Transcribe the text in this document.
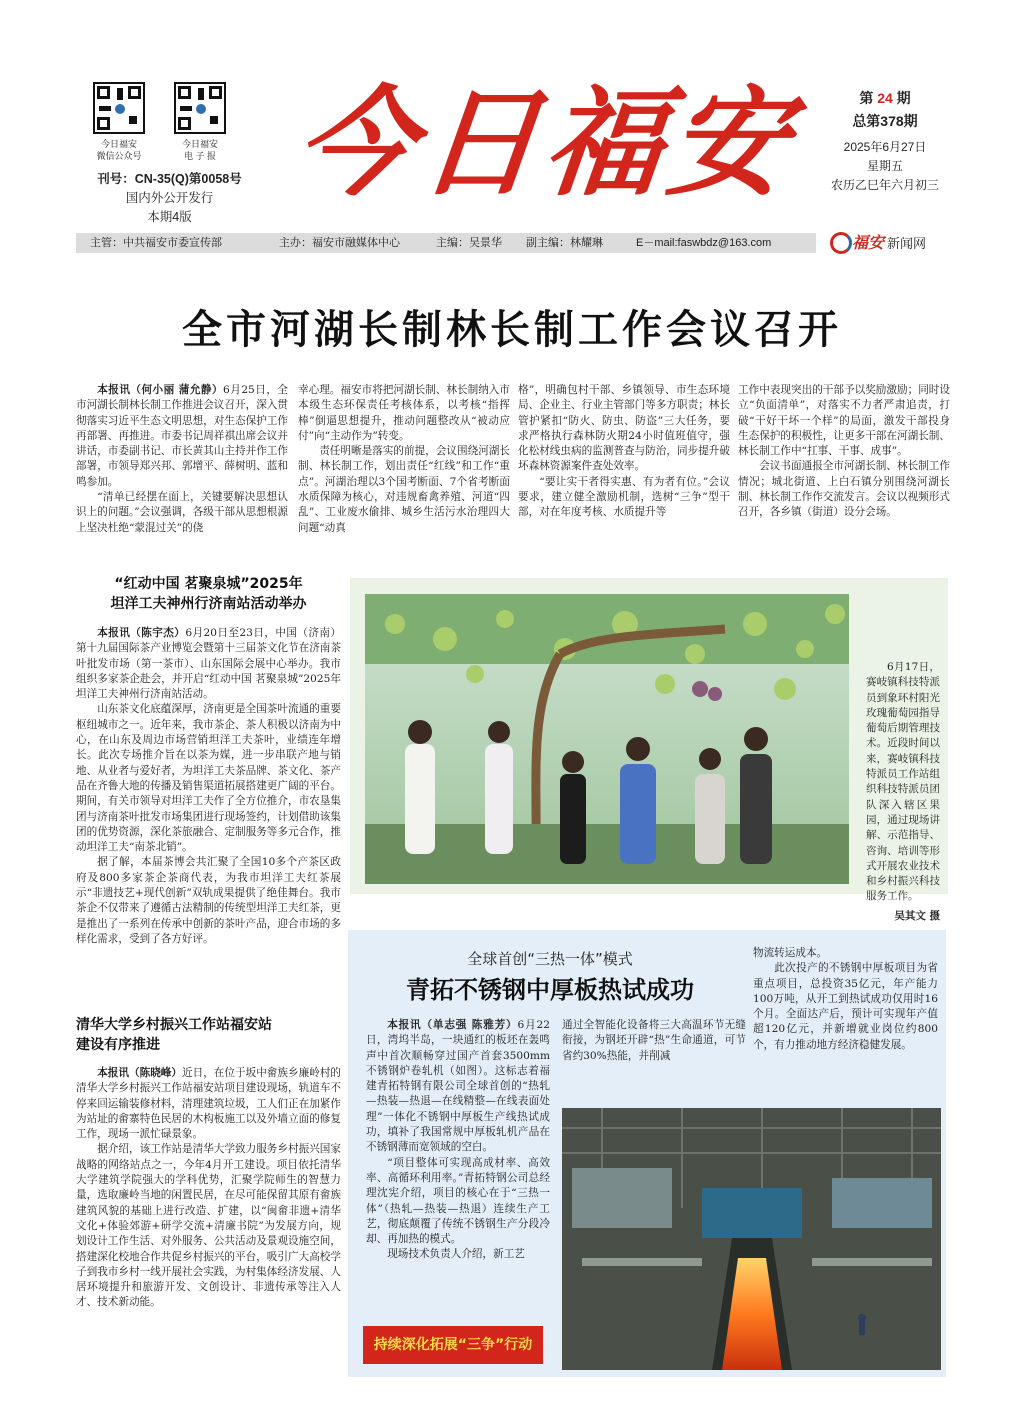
今日福安
微信公众号
今日福安
电 子 报
刊号：CN-35(Q)第0058号
国内外公开发行
本期4版
今日福安	第 24 期
总第378期
2025年6月27日
星期五
农历乙巳年六月初三
主管：中共福安市委宣传部	主办：福安市融媒体中心	主编：吴景华 副主编：林耀琳	E－mail:faswbdz@163.com	福安 新闻网
全市河湖长制林长制工作会议召开

本报讯（何小丽 蒲允静）6月25日，全市河湖长制林长制工作推进会议召开，深入贯彻落实习近平生态文明思想，对生态保护工作再部署、再推进。市委书记周祥祺出席会议并讲话，市委副书记、市长黄其山主持并作工作部署，市领导郑兴邦、郭增平、薛树明、蓝和鸣参加。

“清单已经摆在面上，关键要解决思想认识上的问题。”会议强调，各级干部从思想根源上坚决杜绝“蒙混过关”的侥

幸心理。福安市将把河湖长制、林长制纳入市本级生态环保责任考核体系，以考核“指挥棒”倒逼思想提升，推动问题整改从“被动应付”向“主动作为”转变。

责任明晰是落实的前提，会议围绕河湖长制、林长制工作，划出责任“红线”和工作“重点”。河湖治理以3个国考断面、7个省考断面水质保障为核心，对违规畜禽养殖、河道“四乱”、工业废水偷排、城乡生活污水治理四大问题“动真

格”，明确包村干部、乡镇领导、市生态环境局、企业主、行业主管部门等多方职责；林长管护紧扣“防火、防虫、防盗”三大任务，要求严格执行森林防火期24小时值班值守，强化松材线虫病的监测普查与防治，同步提升破坏森林资源案件查处效率。

“要让实干者得实惠、有为者有位。”会议要求，建立健全激励机制，选树“三争”型干部，对在年度考核、水质提升等

工作中表现突出的干部予以奖励激励；同时设立“负面清单”，对落实不力者严肃追责，打破“干好干坏一个样”的局面，激发干部投身生态保护的积极性，让更多干部在河湖长制、林长制工作中“扛事、干事、成事”。

会议书面通报全市河湖长制、林长制工作情况；城北街道、上白石镇分别围绕河湖长制、林长制工作作交流发言。会议以视频形式召开，各乡镇（街道）设分会场。

“红动中国 茗聚泉城”2025年
坦洋工夫神州行济南站活动举办

本报讯（陈宇杰）6月20日至23日，中国（济南）第十九届国际茶产业博览会暨第十三届茶文化节在济南茶叶批发市场（第一茶市）、山东国际会展中心举办。我市组织多家茶企赴会，并开启“红动中国 茗聚泉城”2025年坦洋工夫神州行济南站活动。

山东茶文化底蕴深厚，济南更是全国茶叶流通的重要枢纽城市之一。近年来，我市茶企、茶人积极以济南为中心，在山东及周边市场营销坦洋工夫茶叶，业绩连年增长。此次专场推介旨在以茶为媒，进一步串联产地与销地、从业者与爱好者，为坦洋工夫茶品牌、茶文化、茶产品在齐鲁大地的传播及销售渠道拓展搭建更广阔的平台。期间，有关市领导对坦洋工夫作了全方位推介，市农垦集团与济南茶叶批发市场集团进行现场签约，计划借助该集团的优势资源，深化茶旅融合、定制服务等多元合作，推动坦洋工夫“南茶北销”。

据了解，本届茶博会共汇聚了全国10多个产茶区政府及800多家茶企茶商代表，为我市坦洋工夫红茶展示“非遗技艺+现代创新”双轨成果提供了绝佳舞台。我市茶企不仅带来了遵循古法精制的传统型坦洋工夫红茶，更是推出了一系列在传承中创新的茶叶产品，迎合市场的多样化需求，受到了各方好评。

清华大学乡村振兴工作站福安站
建设有序推进

本报讯（陈晓峰）近日，在位于坂中畲族乡廉岭村的清华大学乡村振兴工作站福安站项目建设现场，轨道车不停来回运输装修材料，清理建筑垃圾，工人们正在加紧作为站址的畲寨特色民居的木构板施工以及外墙立面的修复工作，现场一派忙碌景象。

据介绍，该工作站是清华大学致力服务乡村振兴国家战略的网络站点之一，今年4月开工建设。项目依托清华大学建筑学院强大的学科优势，汇聚学院师生的智慧力量，选取廉岭当地的闲置民居，在尽可能保留其原有畲族建筑风貌的基础上进行改造、扩建，以“闽畲非遗+清华文化+体验郊游+研学交流+清廉书院”为发展方向，规划设计工作生活、对外服务、公共活动及景观设施空间，搭建深化校地合作共促乡村振兴的平台，吸引广大高校学子到我市乡村一线开展社会实践，为村集体经济发展、人居环境提升和旅游开发、文创设计、非遗传承等注入人才、技术新动能。

6月17日，赛岐镇科技特派员到象环村阳光玫瑰葡萄园指导葡萄后期管理技术。近段时间以来，赛岐镇科技特派员工作站组织科技特派员团队深入辖区果园，通过现场讲解、示范指导、咨询、培训等形式开展农业技术和乡村振兴科技服务工作。

吴其文 摄
全球首创“三热一体”模式
青拓不锈钢中厚板热试成功

物流转运成本。

此次投产的不锈钢中厚板项目为省重点项目，总投资35亿元，年产能力100万吨，从开工到热试成功仅用时16个月。全面达产后，预计可实现年产值超120亿元，并新增就业岗位约800个，有力推动地方经济稳健发展。

本报讯（单志强 陈雅芳）6月22日，湾坞半岛，一块通红的板坯在轰鸣声中首次顺畅穿过国产首套3500mm不锈钢炉卷轧机（如图）。这标志着福建青拓特钢有限公司全球首创的“热轧—热装—热退—在线精整—在线表面处理”一体化不锈钢中厚板生产线热试成功，填补了我国常规中厚板轧机产品在不锈钢薄而宽领域的空白。

“项目整体可实现高成材率、高效率、高循环利用率。”青拓特钢公司总经理沈宪介绍，项目的核心在于“三热一体”（热轧—热装—热退）连续生产工艺，彻底颠覆了传统不锈钢生产分段冷却、再加热的模式。

现场技术负责人介绍，新工艺

通过全智能化设备将三大高温环节无缝衔接，为钢坯开辟“热”生命通道，可节省约30%热能，并削减

持续深化拓展“三争”行动
